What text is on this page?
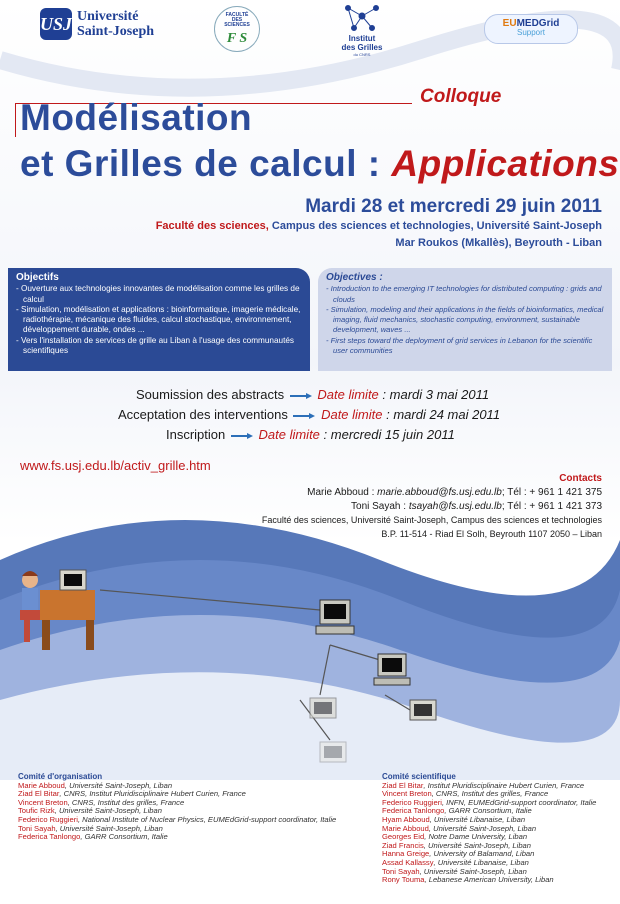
USJ Université
Saint-Joseph
FACULTÉ
DES
SCIENCES
F S	Institut
des Grilles
du CNRS
EUMEDGrid
Support
Colloque
Modélisation
et Grilles de calcul : Applications
Mardi 28 et mercredi 29 juin 2011
Faculté des sciences, Campus des sciences et technologies, Université Saint-Joseph
Mar Roukos (Mkallès), Beyrouth - Liban
Objectifs
- Ouverture aux technologies innovantes de modélisation comme les grilles de calcul
- Simulation, modélisation et applications : bioinformatique, imagerie médicale, radiothérapie, mécanique des fluides, calcul stochastique, environnement, développement durable, ondes ...
- Vers l'installation de services de grille au Liban à l'usage des communautés scientifiques
Objectives :
- Introduction to the emerging IT technologies for distributed computing : grids and clouds
- Simulation, modeling and their applications in the fields of bioinformatics, medical imaging, fluid mechanics, stochastic computing, environment, sustainable development, waves ...
- First steps toward the deployment of grid services in Lebanon for the scientific user communities
Soumission des abstracts	Date limite : mardi 3 mai 2011
Acceptation des interventions	Date limite : mardi 24 mai 2011
Inscription	Date limite : mercredi 15 juin 2011
www.fs.usj.edu.lb/activ_grille.htm
Contacts
Marie Abboud : marie.abboud@fs.usj.edu.lb; Tél : + 961 1 421 375
Toni Sayah : tsayah@fs.usj.edu.lb; Tél : + 961 1 421 373
Faculté des sciences, Université Saint-Joseph, Campus des sciences et technologies
B.P. 11-514 - Riad El Solh, Beyrouth 1107 2050 – Liban
Comité d'organisation
Marie Abboud, Université Saint-Joseph, Liban
Ziad El Bitar, CNRS, Institut Pluridisciplinaire Hubert Curien, France
Vincent Breton, CNRS, Institut des grilles, France
Toufic Rizk, Université Saint-Joseph, Liban
Federico Ruggieri, National Institute of Nuclear Physics, EUMEdGrid-support coordinator, Italie
Toni Sayah, Université Saint-Joseph, Liban
Federica Tanlongo, GARR Consortium, Italie
Comité scientifique
Ziad El Bitar, Institut Pluridisciplinaire Hubert Curien, France
Vincent Breton, CNRS, Institut des grilles, France
Federico Ruggieri, INFN, EUMEdGrid-support coordinator, Italie
Federica Tanlongo, GARR Consortium, Italie
Hyam Abboud, Université Libanaise, Liban
Marie Abboud, Université Saint-Joseph, Liban
Georges Eid, Notre Dame University, Liban
Ziad Francis, Université Saint-Joseph, Liban
Hanna Greige, University of Balamand, Liban
Assad Kallassy, Université Libanaise, Liban
Toni Sayah, Université Saint-Joseph, Liban
Rony Touma, Lebanese American University, Liban
